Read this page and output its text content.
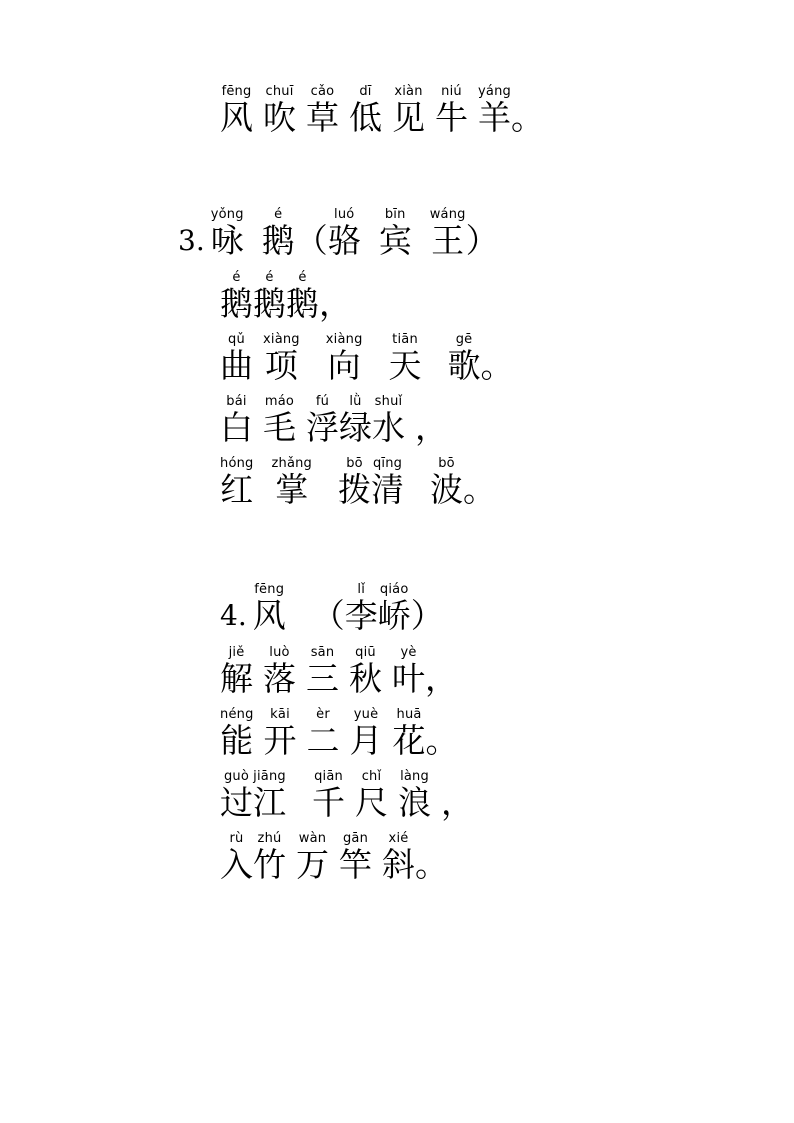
fēng
风
chuī
吹
cǎo
草
dī
低
xiàn
见
niú
牛
yáng
羊 。
3.
yǒng
咏
é
鹅 （
luó
骆
bīn
宾
wáng
王 ）
é
鹅
é
鹅
é
鹅 ，
qǔ
曲
xiàng
项
xiàng
向
tiān
天
gē
歌 。
bái
白
máo
毛
fú
浮
lǜ
绿
shuǐ
水 ，
hóng
红
zhǎng
掌
bō
拨
qīng
清
bō
波 。
4.
fēng
风 （
lǐ
李
qiáo
峤 ）
jiě
解
luò
落
sān
三
qiū
秋
yè
叶 ，
néng
能
kāi
开
èr
二
yuè
月
huā
花 。
guò
过
jiāng
江
qiān
千
chǐ
尺
làng
浪 ，
rù
入
zhú
竹
wàn
万
gān
竿
xié
斜 。
